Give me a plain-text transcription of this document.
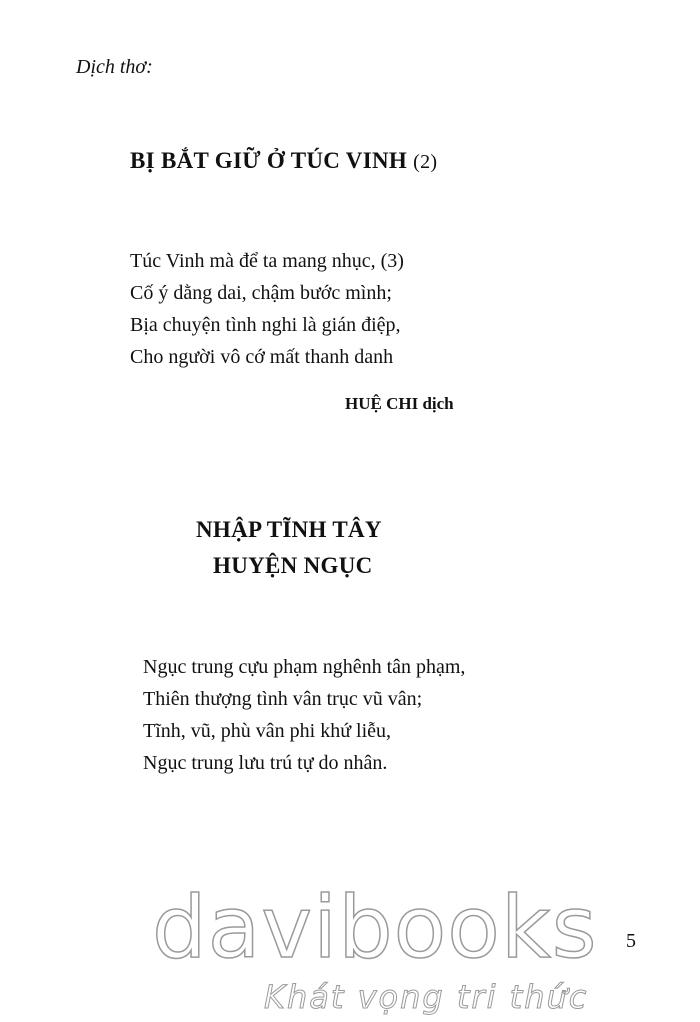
Dịch thơ:
BỊ BẮT GIỮ Ở TÚC VINH (2)
Túc Vinh mà để ta mang nhục, (3)
Cố ý dằng dai, chậm bước mình;
Bịa chuyện tình nghi là gián điệp,
Cho người vô cớ mất thanh danh
HUỆ CHI dịch
NHẬP TĨNH TÂY
HUYỆN NGỤC
Ngục trung cựu phạm nghênh tân phạm,
Thiên thượng tình vân trục vũ vân;
Tĩnh, vũ, phù vân phi khứ liễu,
Ngục trung lưu trú tự do nhân.
davibooks
Khát vọng tri thức
5
